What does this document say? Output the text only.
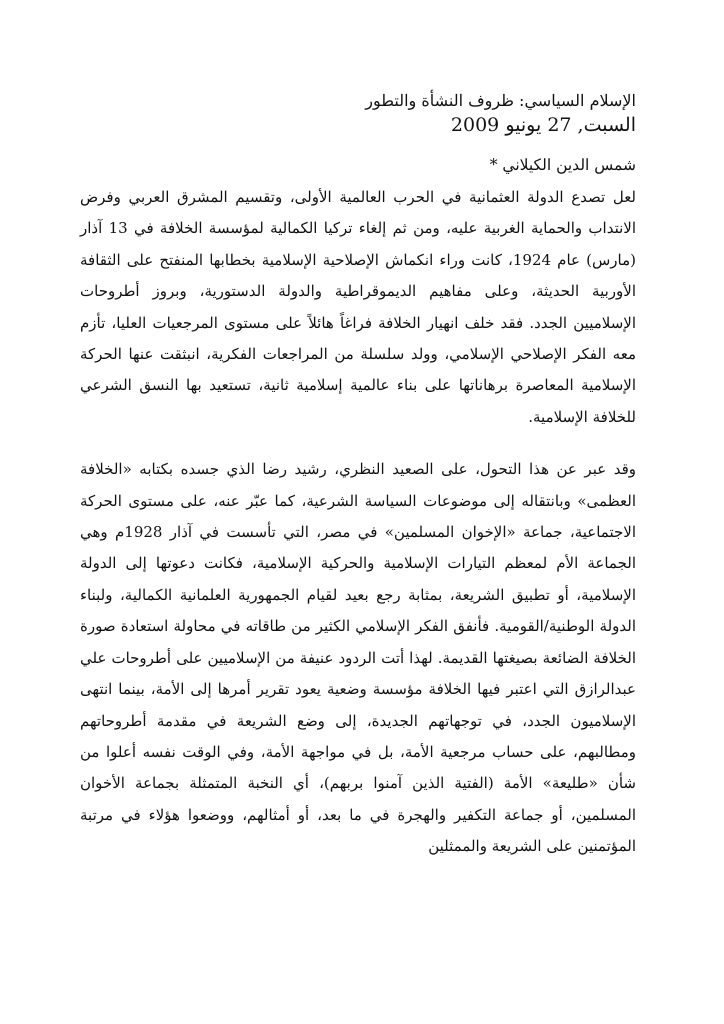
الإسلام السياسي: ظروف النشأة والتطور

السبت, 27 يونيو 2009

شمس الدين الكيلاني *

لعل تصدع الدولة العثمانية في الحرب العالمية الأولى، وتقسيم المشرق العربي وفرض الانتداب والحماية الغربية عليه، ومن ثم إلغاء تركيا الكمالية لمؤسسة الخلافة في 13 آذار (مارس) عام 1924، كانت وراء انكماش الإصلاحية الإسلامية بخطابها المنفتح على الثقافة الأوربية الحديثة، وعلى مفاهيم الديموقراطية والدولة الدستورية، وبروز أطروحات الإسلاميين الجدد. فقد خلف انهيار الخلافة فراغاً هائلاً على مستوى المرجعيات العليا، تأزم معه الفكر الإصلاحي الإسلامي، وولد سلسلة من المراجعات الفكرية، انبثقت عنها الحركة الإسلامية المعاصرة برهاناتها على بناء عالمية إسلامية ثانية، تستعيد بها النسق الشرعي للخلافة الإسلامية.

وقد عبر عن هذا التحول، على الصعيد النظري، رشيد رضا الذي جسده بكتابه «الخلافة العظمى» وبانتقاله إلى موضوعات السياسة الشرعية، كما عبّر عنه، على مستوى الحركة الاجتماعية، جماعة «الإخوان المسلمين» في مصر، التي تأسست في آذار 1928م وهي الجماعة الأم لمعظم التيارات الإسلامية والحركية الإسلامية، فكانت دعوتها إلى الدولة الإسلامية، أو تطبيق الشريعة، بمثابة رجع بعيد لقيام الجمهورية العلمانية الكمالية، ولبناء الدولة الوطنية/القومية. فأنفق الفكر الإسلامي الكثير من طاقاته في محاولة استعادة صورة الخلافة الضائعة بصيغتها القديمة. لهذا أتت الردود عنيفة من الإسلاميين على أطروحات علي عبدالرازق التي اعتبر فيها الخلافة مؤسسة وضعية يعود تقرير أمرها إلى الأمة، بينما انتهى الإسلاميون الجدد، في توجهاتهم الجديدة، إلى وضع الشريعة في مقدمة أطروحاتهم ومطالبهم، على حساب مرجعية الأمة، بل في مواجهة الأمة، وفي الوقت نفسه أعلوا من شأن «طليعة» الأمة (الفتية الذين آمنوا بربهم)، أي النخبة المتمثلة بجماعة الأخوان المسلمين، أو جماعة التكفير والهجرة في ما بعد، أو أمثالهم، ووضعوا هؤلاء في مرتبة المؤتمنين على الشريعة والممثلين
